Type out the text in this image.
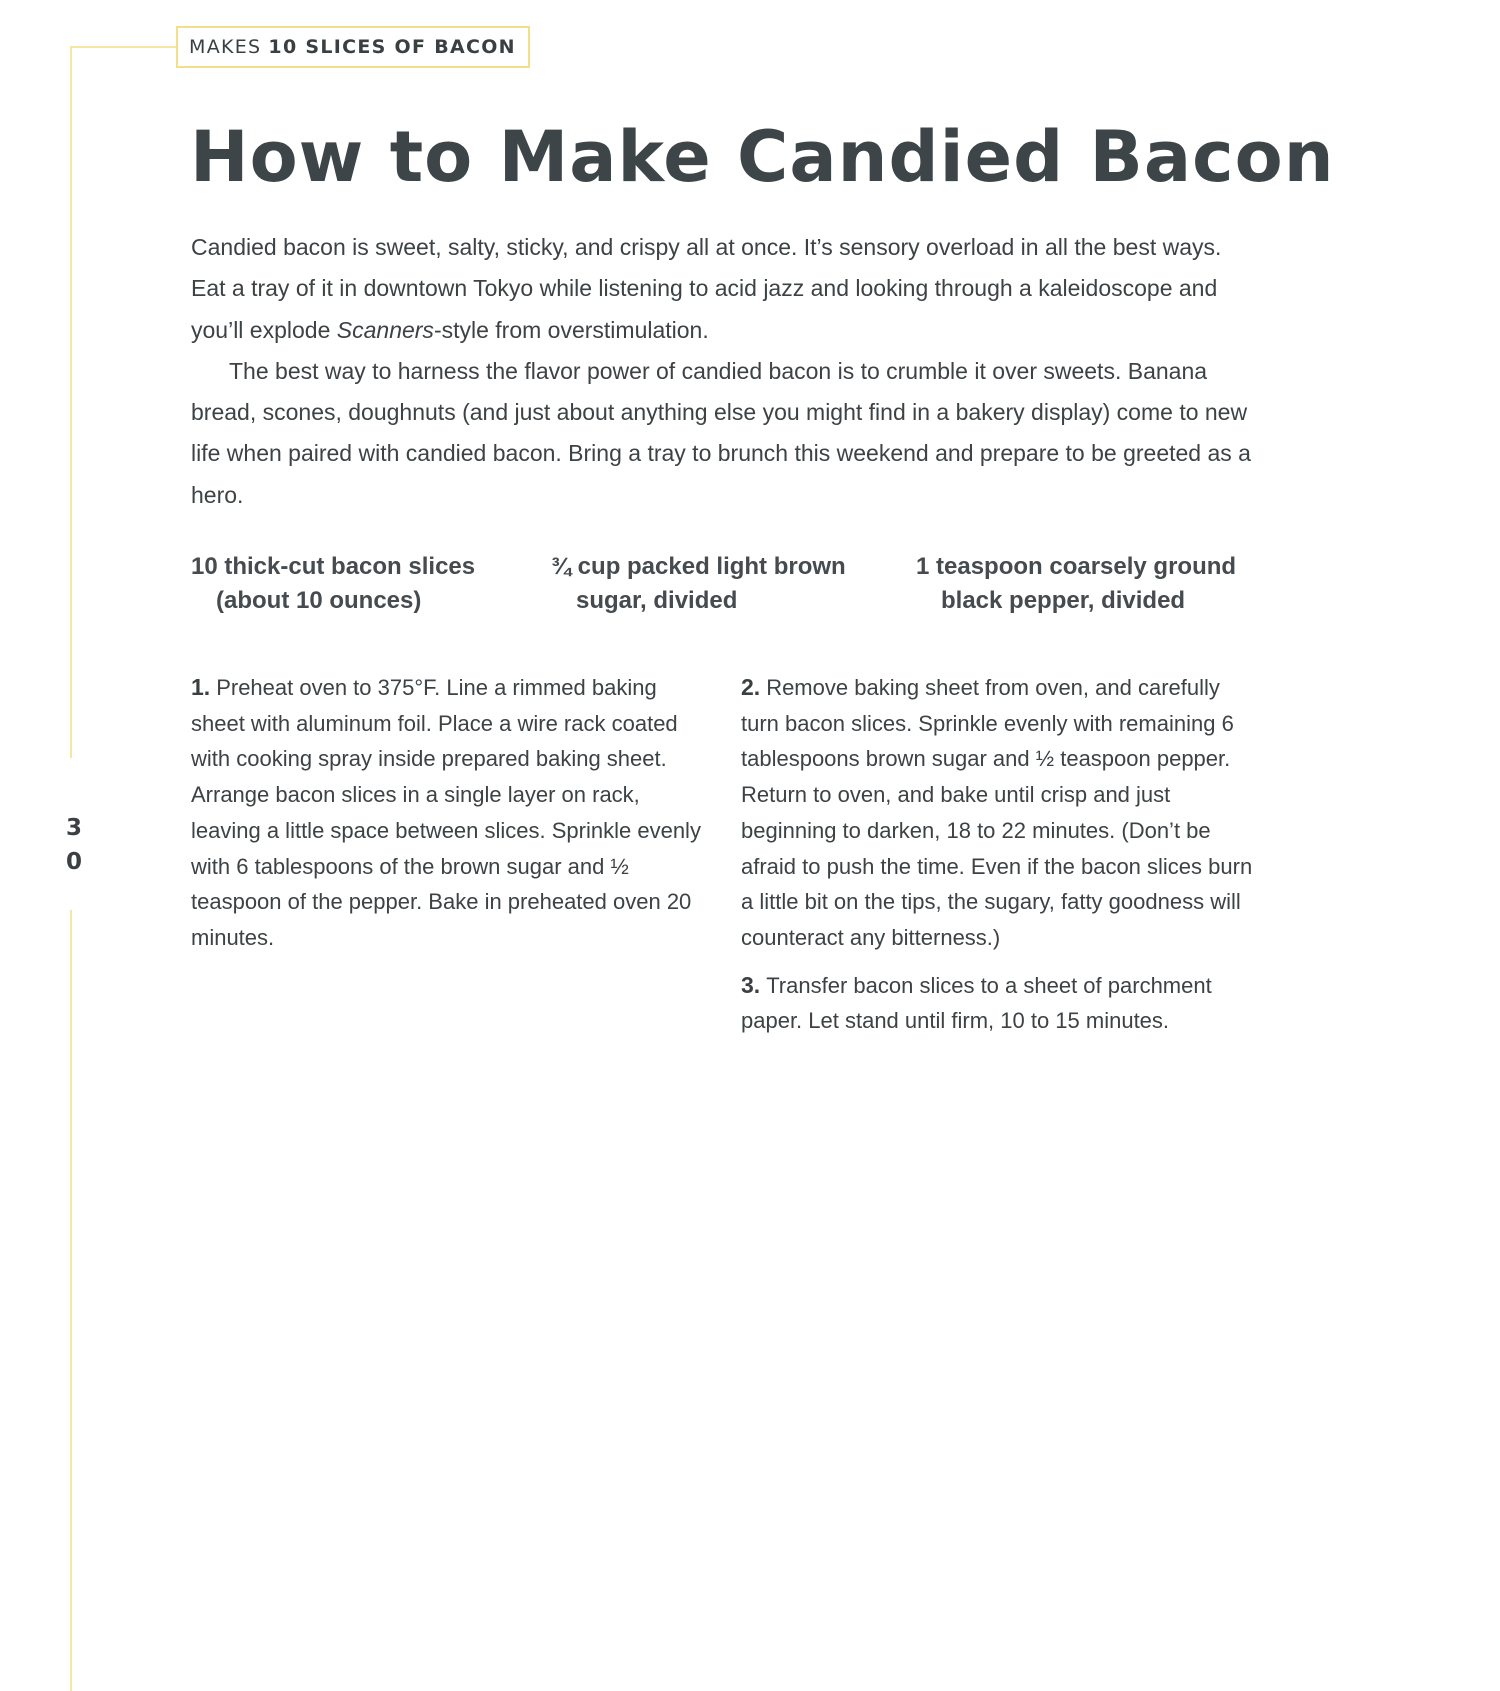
MAKES 10 SLICES OF BACON
3
0
How to Make Candied Bacon

Candied bacon is sweet, salty, sticky, and crispy all at once. It’s sensory overload in all the best ways. Eat a tray of it in downtown Tokyo while listening to acid jazz and looking through a kaleidoscope and you’ll explode Scanners-style from overstimulation.

The best way to harness the flavor power of candied bacon is to crumble it over sweets. Banana bread, scones, doughnuts (and just about anything else you might find in a bakery display) come to new life when paired with candied bacon. Bring a tray to brunch this weekend and prepare to be greeted as a hero.

10 thick-cut bacon slices
(about 10 ounces)
¾ cup packed light brown
sugar, divided
1 teaspoon coarsely ground
black pepper, divided

1. Preheat oven to 375°F. Line a rimmed baking sheet with aluminum foil. Place a wire rack coated with cooking spray inside prepared baking sheet. Arrange bacon slices in a single layer on rack, leaving a little space between slices. Sprinkle evenly with 6 tablespoons of the brown sugar and ½ teaspoon of the pepper. Bake in preheated oven 20 minutes.

2. Remove baking sheet from oven, and carefully turn bacon slices. Sprinkle evenly with remaining 6 tablespoons brown sugar and ½ teaspoon pepper. Return to oven, and bake until crisp and just beginning to darken, 18 to 22 minutes. (Don’t be afraid to push the time. Even if the bacon slices burn a little bit on the tips, the sugary, fatty goodness will counteract any bitterness.)

3. Transfer bacon slices to a sheet of parchment paper. Let stand until firm, 10 to 15 minutes.
